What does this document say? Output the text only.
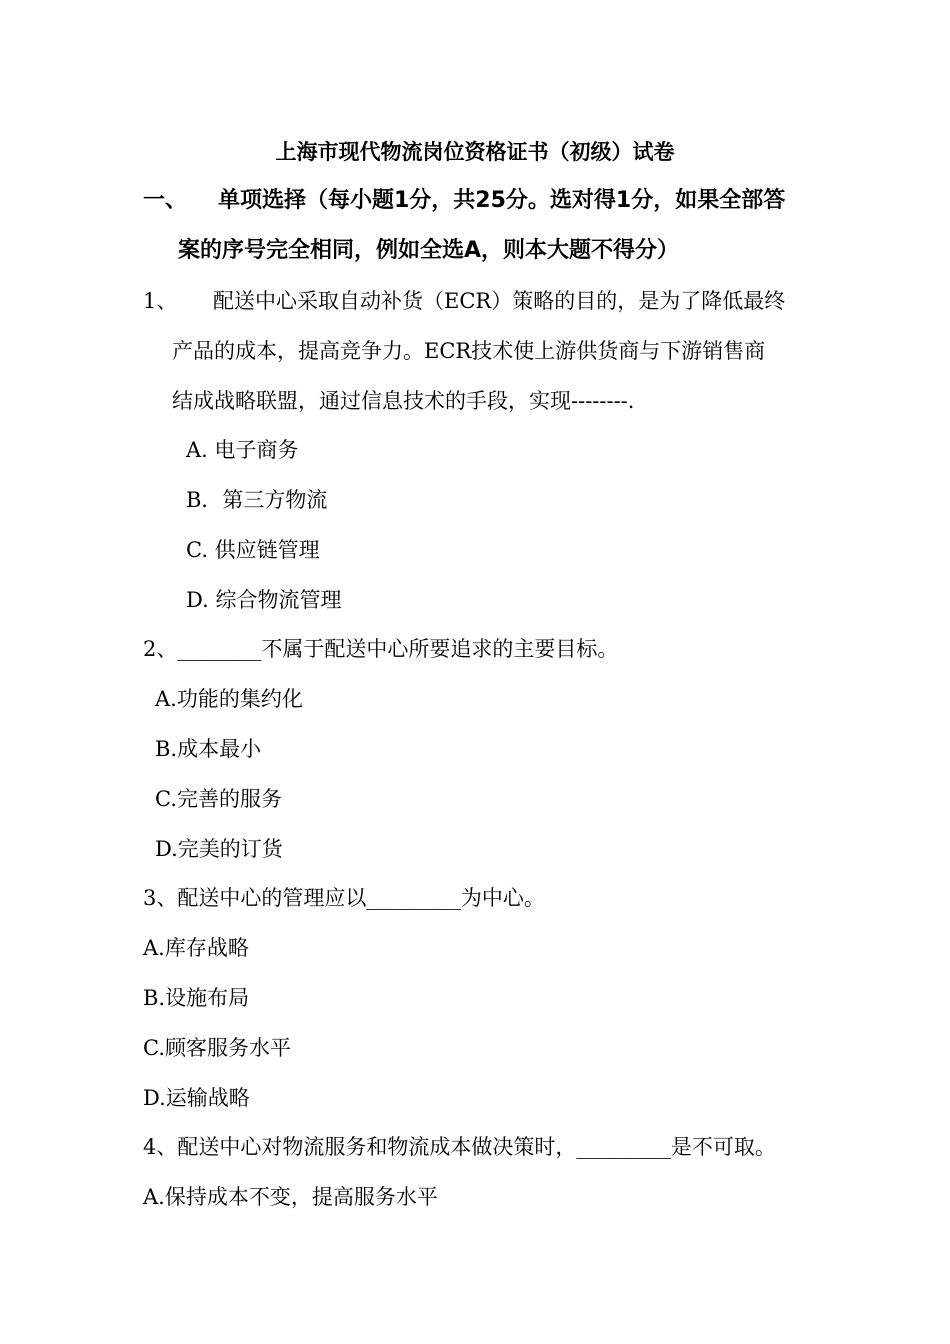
上海市现代物流岗位资格证书（初级）试卷
一、 单项选择（每小题1分，共25分。选对得1分，如果全部答
案的序号完全相同，例如全选A，则本大题不得分）
1、 配送中心采取自动补货（ECR）策略的目的，是为了降低最终
产品的成本，提高竞争力。ECR技术使上游供货商与下游销售商
结成战略联盟，通过信息技术的手段，实现--------.
A. 电子商务
B．第三方物流
C. 供应链管理
D. 综合物流管理
2、________不属于配送中心所要追求的主要目标。
A.功能的集约化
B.成本最小
C.完善的服务
D.完美的订货
3、配送中心的管理应以_________为中心。
A.库存战略
B.设施布局
C.顾客服务水平
D.运输战略
4、配送中心对物流服务和物流成本做决策时，_________是不可取。
A.保持成本不变，提高服务水平
